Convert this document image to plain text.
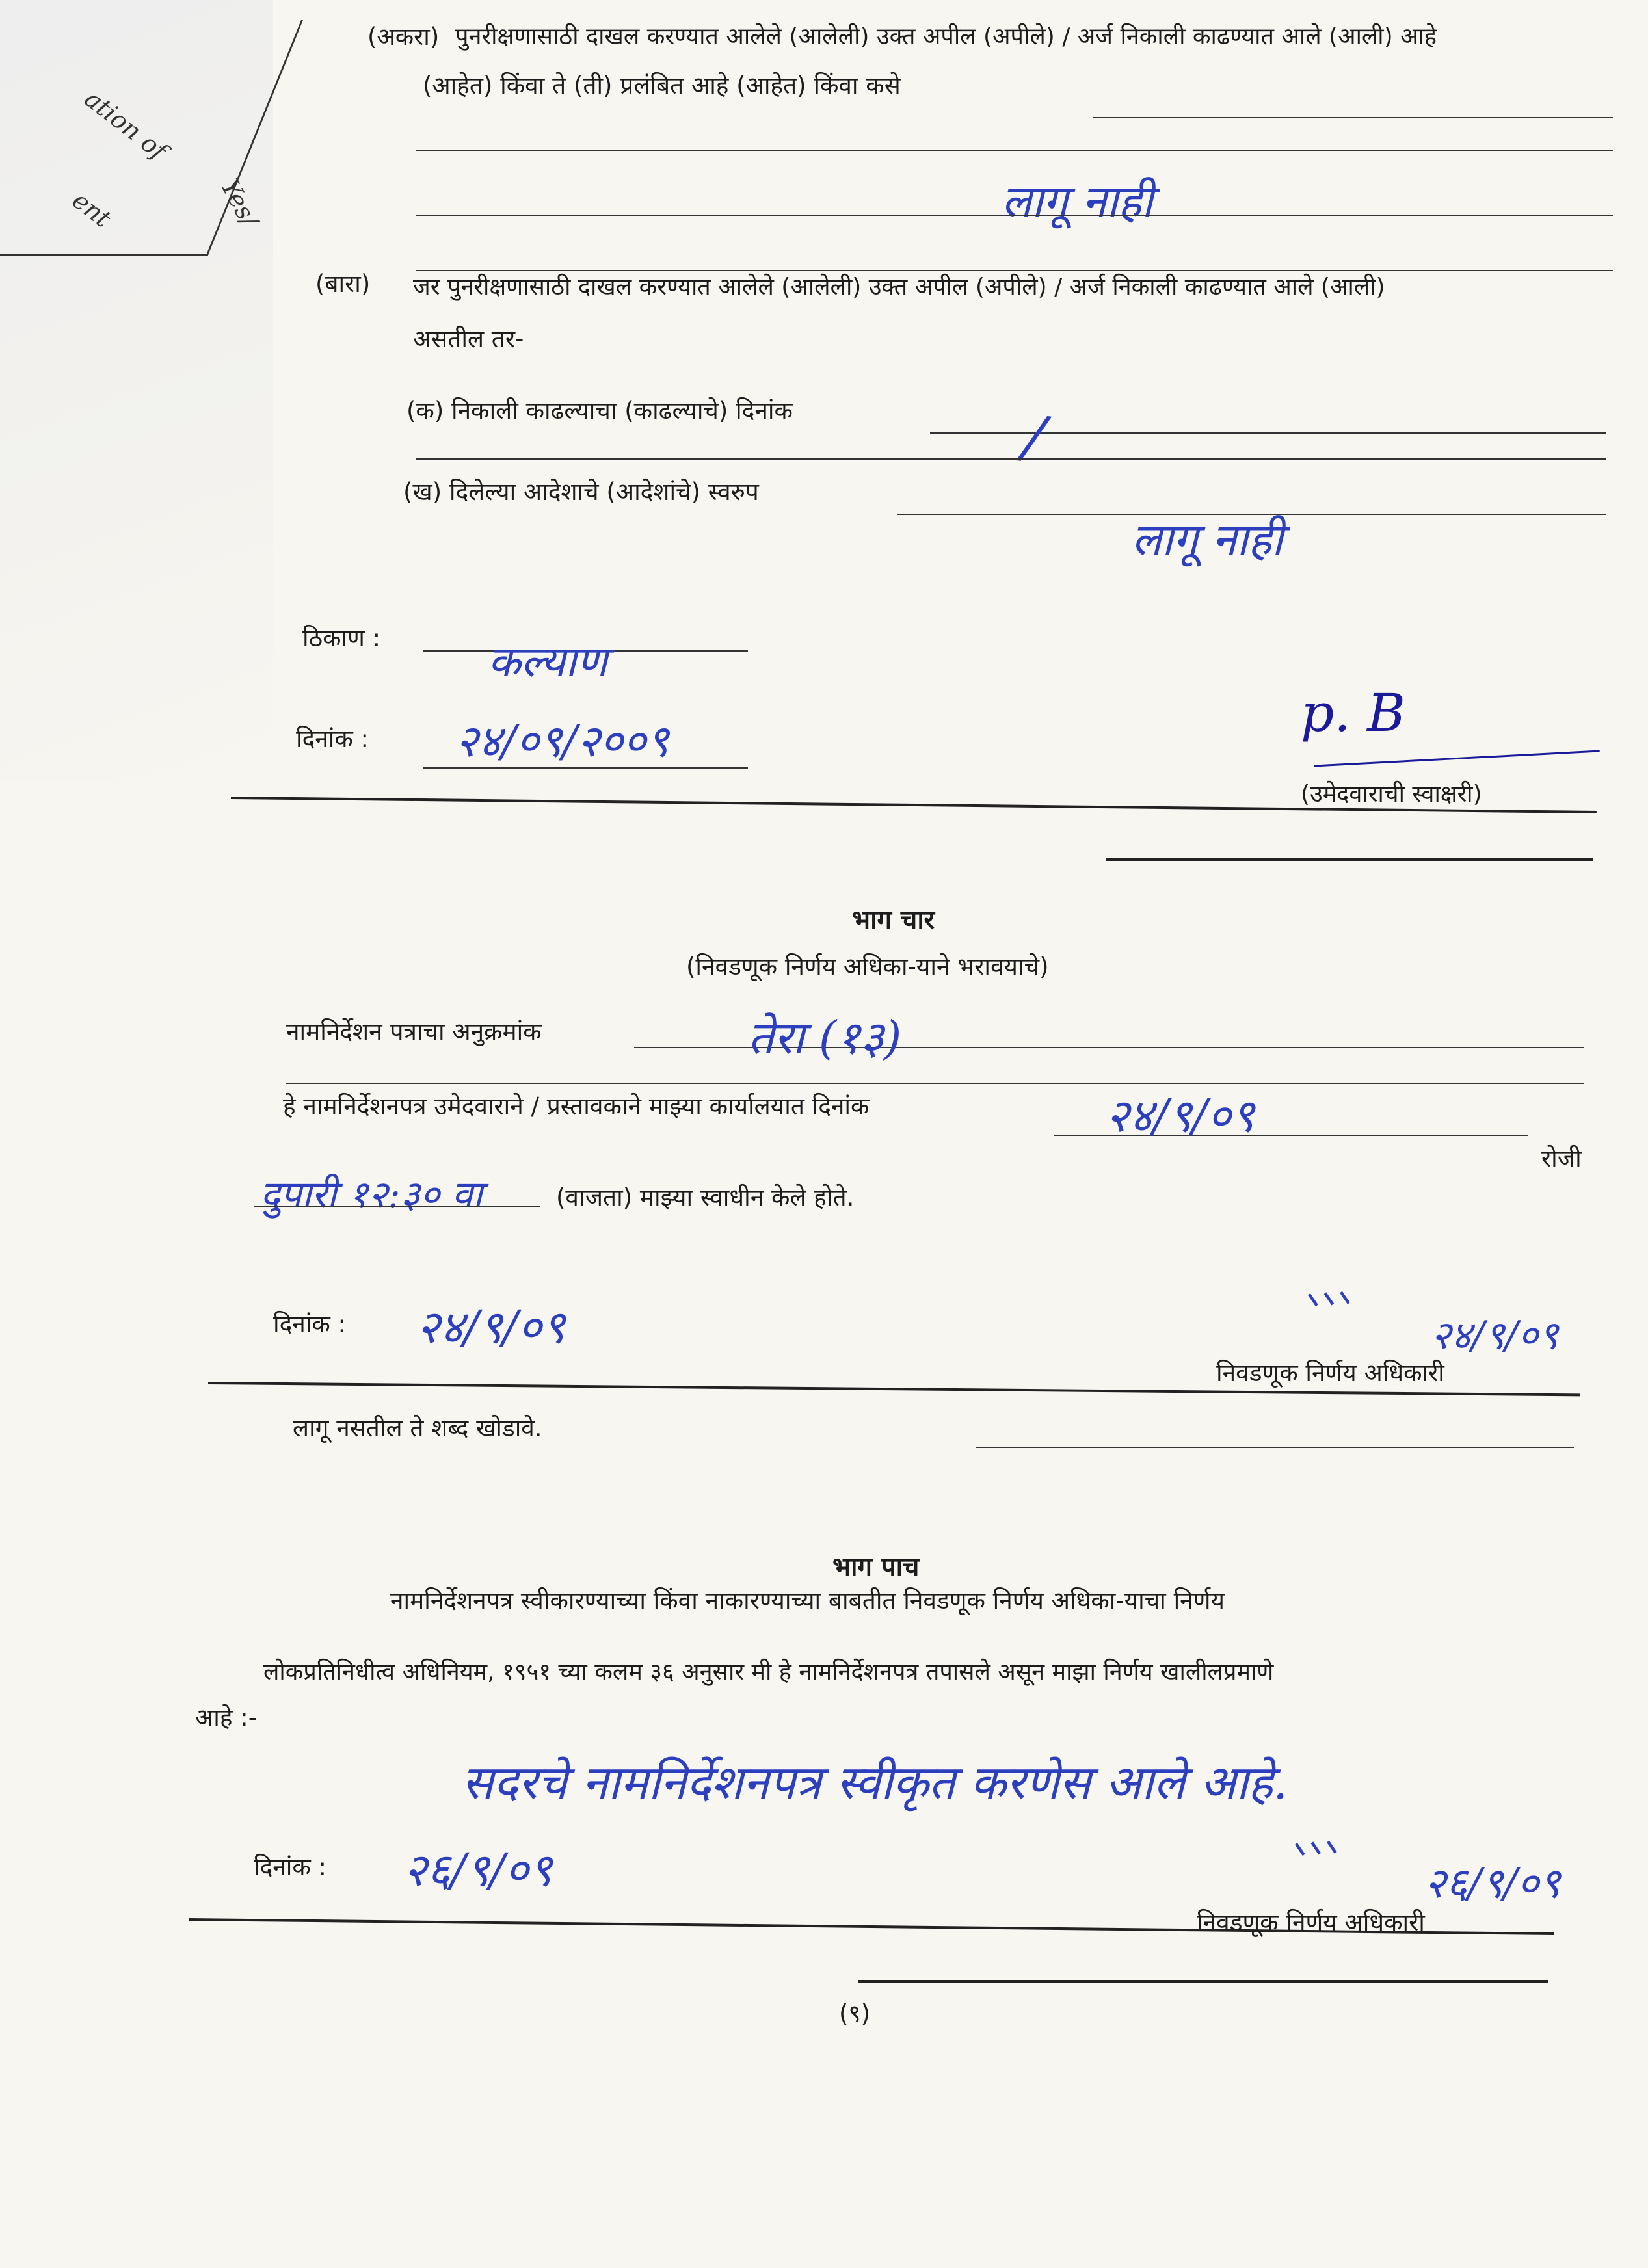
ation of
Yes/
ent
(अकरा) पुनरीक्षणासाठी दाखल करण्यात आलेले (आलेली) उक्त अपील (अपीले) / अर्ज निकाली काढण्यात आले (आली) आहे
(आहेत) किंवा ते (ती) प्रलंबित आहे (आहेत) किंवा कसे
लागू नाही
(बारा) जर पुनरीक्षणासाठी दाखल करण्यात आलेले (आलेली) उक्त अपील (अपीले) / अर्ज निकाली काढण्यात आले (आली)
असतील तर-
(क) निकाली काढल्याचा (काढल्याचे) दिनांक	/
(ख) दिलेल्या आदेशाचे (आदेशांचे) स्वरुप
लागू नाही
ठिकाण : कल्याण
दिनांक : २४/०९/२००९	p. B
(उमेदवाराची स्वाक्षरी)
भाग चार
(निवडणूक निर्णय अधिका-याने भरावयाचे)
नामनिर्देशन पत्राचा अनुक्रमांक	तेरा (१३)
हे नामनिर्देशनपत्र उमेदवाराने / प्रस्तावकाने माझ्या कार्यालयात दिनांक	२४/९/०९
रोजी
दुपारी १२:३० वा	(वाजता) माझ्या स्वाधीन केले होते.
दिनांक : २४/९/०९	ᐠᐠᐠ
२४/९/०९
निवडणूक निर्णय अधिकारी
लागू नसतील ते शब्द खोडावे.
भाग पाच
नामनिर्देशनपत्र स्वीकारण्याच्या किंवा नाकारण्याच्या बाबतीत निवडणूक निर्णय अधिका-याचा निर्णय
लोकप्रतिनिधीत्व अधिनियम, १९५१ च्या कलम ३६ अनुसार मी हे नामनिर्देशनपत्र तपासले असून माझा निर्णय खालीलप्रमाणे
आहे :-
सदरचे नामनिर्देशनपत्र स्वीकृत करणेस आले आहे.
दिनांक : २६/९/०९	ᐠᐠᐠ
२६/९/०९
निवडणूक निर्णय अधिकारी
(९)
